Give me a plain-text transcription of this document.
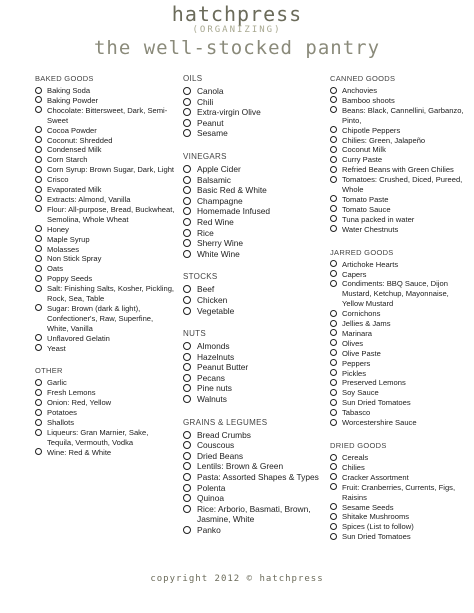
hatchpress
(ORGANIZING)
the well-stocked pantry
BAKED GOODS
Baking Soda
Baking Powder
Chocolate: Bittersweet, Dark, Semi-Sweet
Cocoa Powder
Coconut: Shredded
Condensed Milk
Corn Starch
Corn Syrup: Brown Sugar, Dark, Light
Crisco
Evaporated Milk
Extracts: Almond, Vanilla
Flour: All-purpose, Bread, Buckwheat, Semolina, Whole Wheat
Honey
Maple Syrup
Molasses
Non Stick Spray
Oats
Poppy Seeds
Salt: Finishing Salts, Kosher, Pickling, Rock, Sea, Table
Sugar: Brown (dark & light), Confectioner's, Raw, Superfine, White, Vanilla
Unflavored Gelatin
Yeast
OTHER
Garlic
Fresh Lemons
Onion: Red, Yellow
Potatoes
Shallots
Liqueurs: Gran Marnier, Sake, Tequila, Vermouth, Vodka
Wine: Red & White
OILS
Canola
Chili
Extra-virgin Olive
Peanut
Sesame
VINEGARS
Apple Cider
Balsamic
Basic Red & White
Champagne
Homemade Infused
Red Wine
Rice
Sherry Wine
White Wine
STOCKS
Beef
Chicken
Vegetable
NUTS
Almonds
Hazelnuts
Peanut Butter
Pecans
Pine nuts
Walnuts
GRAINS & LEGUMES
Bread Crumbs
Couscous
Dried Beans
Lentils: Brown & Green
Pasta: Assorted Shapes & Types
Polenta
Quinoa
Rice: Arborio, Basmati, Brown, Jasmine, White
Panko
CANNED GOODS
Anchovies
Bamboo shoots
Beans: Black, Cannellini, Garbanzo, Pinto,
Chipotle Peppers
Chilies: Green, Jalapeño
Coconut Milk
Curry Paste
Refried Beans with Green Chilies
Tomatoes: Crushed, Diced, Pureed, Whole
Tomato Paste
Tomato Sauce
Tuna packed in water
Water Chestnuts
JARRED GOODS
Artichoke Hearts
Capers
Condiments: BBQ Sauce, Dijon Mustard, Ketchup, Mayonnaise, Yellow Mustard
Cornichons
Jellies & Jams
Marinara
Olives
Olive Paste
Peppers
Pickles
Preserved Lemons
Soy Sauce
Sun Dried Tomatoes
Tabasco
Worcestershire Sauce
DRIED GOODS
Cereals
Chilies
Cracker Assortment
Fruit: Cranberries, Currents, Figs, Raisins
Sesame Seeds
Shitake Mushrooms
Spices (List to follow)
Sun Dried Tomatoes
copyright 2012 © hatchpress
